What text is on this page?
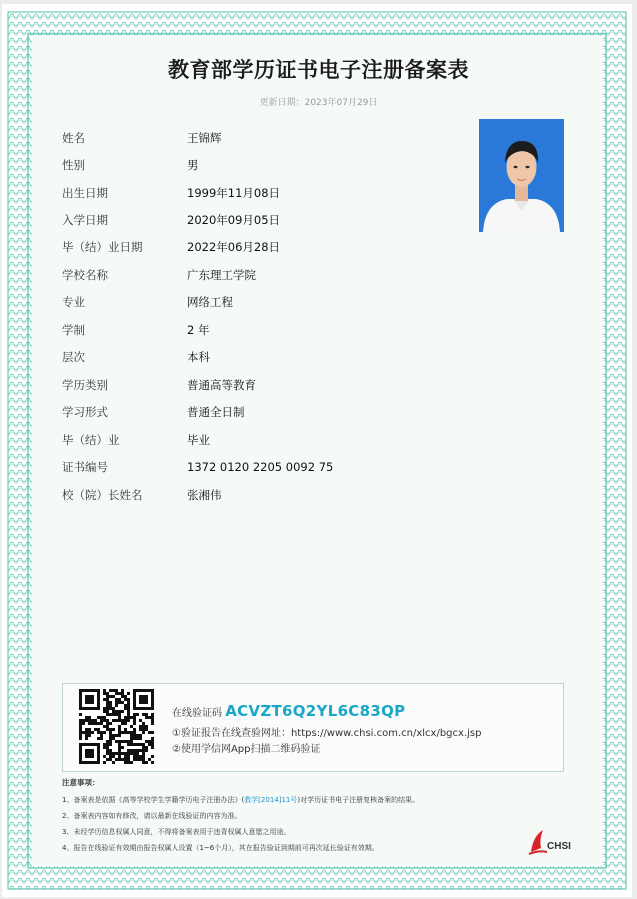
教育部学历证书电子注册备案表
更新日期：2023年07月29日
姓名	王锦辉
性别	男
出生日期	1999年11月08日
入学日期	2020年09月05日
毕（结）业日期	2022年06月28日
学校名称	广东理工学院
专业	网络工程
学制	2 年
层次	本科
学历类别	普通高等教育
学习形式	普通全日制
毕（结）业	毕业
证书编号	1372 0120 2205 0092 75
校（院）长姓名	张湘伟
在线验证码 ACVZT6Q2YL6C83QP
①验证报告在线查验网址：https://www.chsi.com.cn/xlcx/bgcx.jsp
②使用学信网App扫描二维码验证
注意事项：
1、备案表是依据《高等学校学生学籍学历电子注册办法》(教学[2014]11号)对学历证书电子注册复核备案的结果。
2、备案表内容如有修改，请以最新在线验证的内容为准。
3、未经学历信息权属人同意，不得将备案表用于违背权属人意愿之用途。
4、报告在线验证有效期由报告权属人设置（1~6个月），其在报告验证到期前可再次延长验证有效期。	CHSI
